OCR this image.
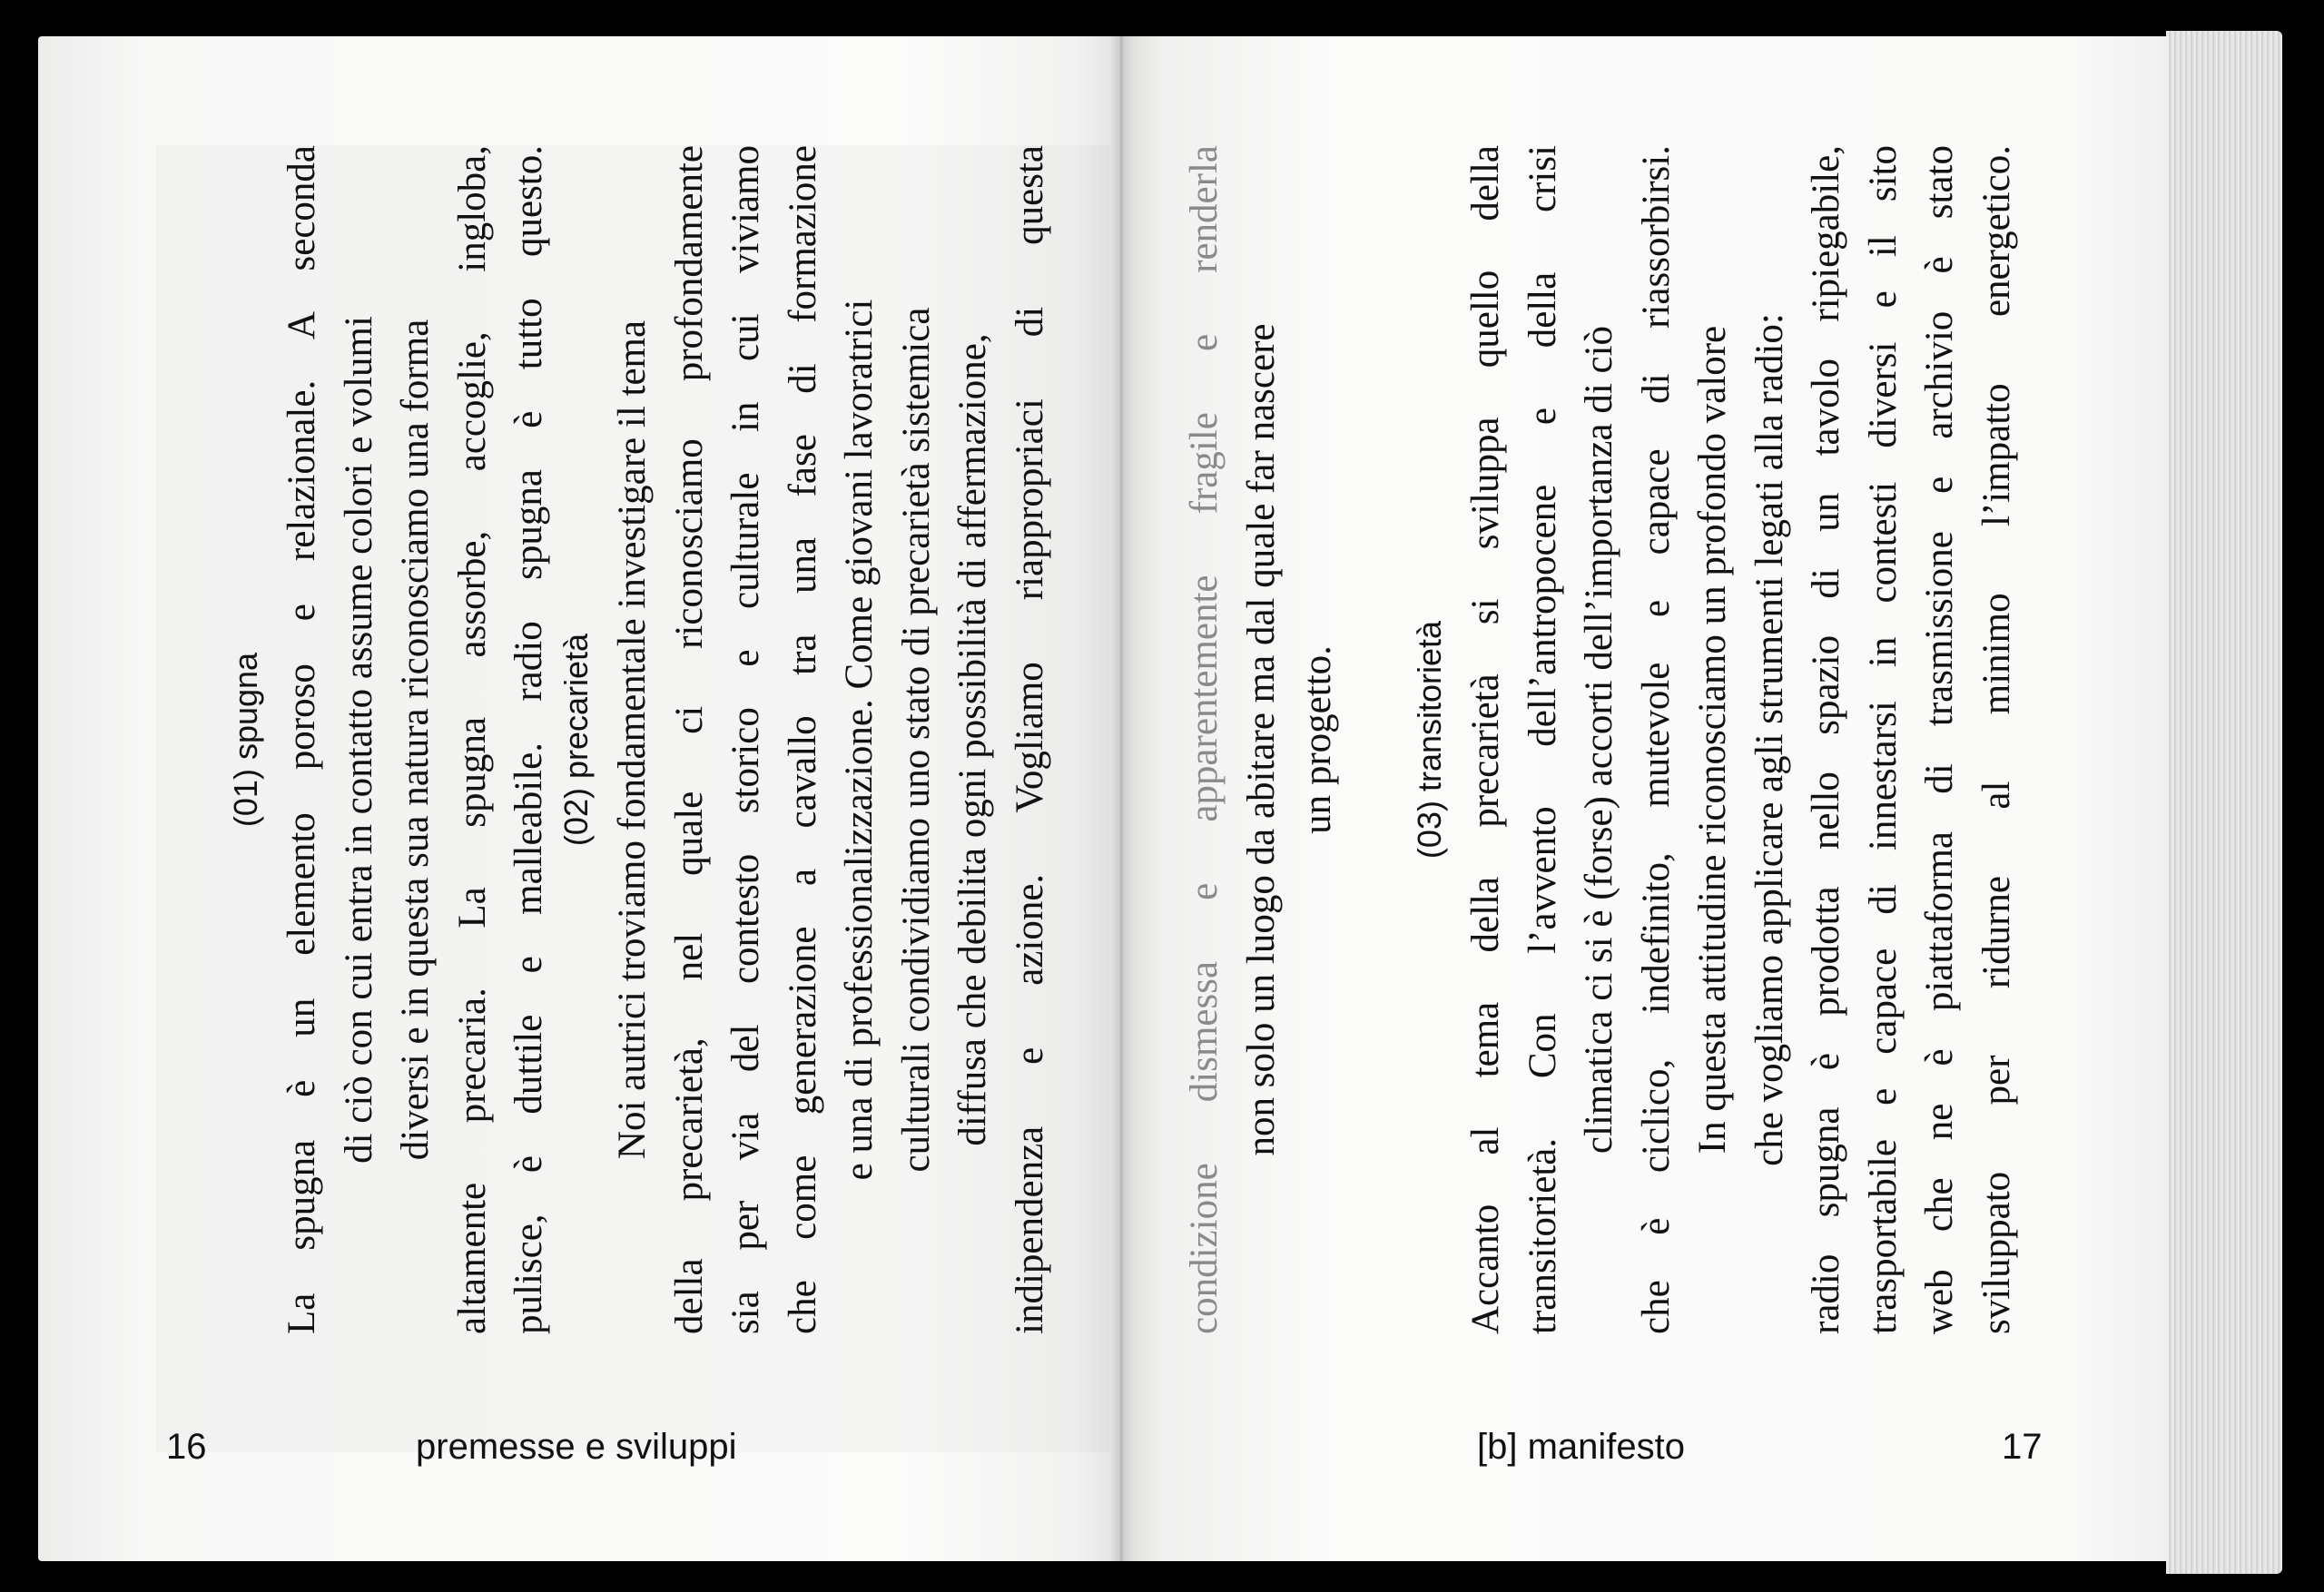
(01) spugna La spugna è un elemento poroso e relazionale. A seconda di ciò con cui entra in contatto assume colori e volumi diversi e in questa sua natura riconosciamo una forma altamente precaria. La spugna assorbe, accoglie, ingloba, pulisce, è duttile e malleabile. radio spugna è tutto questo. (02) precarietà Noi autrici troviamo fondamentale investigare il tema della precarietà, nel quale ci riconosciamo profondamente sia per via del contesto storico e culturale in cui viviamo che come generazione a cavallo tra una fase di formazione e una di professionalizzazione. Come giovani lavoratrici culturali condividiamo uno stato di precarietà sistemica diffusa che debilita ogni possibilità di affermazione, indipendenza e azione. Vogliamo riappropriaci di questa	condizione dismessa e apparentemente fragile e renderla non solo un luogo da abitare ma dal quale far nascere un progetto. (03) transitorietà Accanto al tema della precarietà si sviluppa quello della transitorietà. Con l’avvento dell’antropocene e della crisi climatica ci si è (forse) accorti dell’importanza di ciò che è ciclico, indefinito, mutevole e capace di riassorbirsi. In questa attitudine riconosciamo un profondo valore che vogliamo applicare agli strumenti legati alla radio: radio spugna è prodotta nello spazio di un tavolo ripiegabile, trasportabile e capace di innestarsi in contesti diversi e il sito web che ne è piattaforma di trasmissione e archivio è stato sviluppato per ridurne al minimo l’impatto energetico.
16	premesse e sviluppi	[b] manifesto	17
